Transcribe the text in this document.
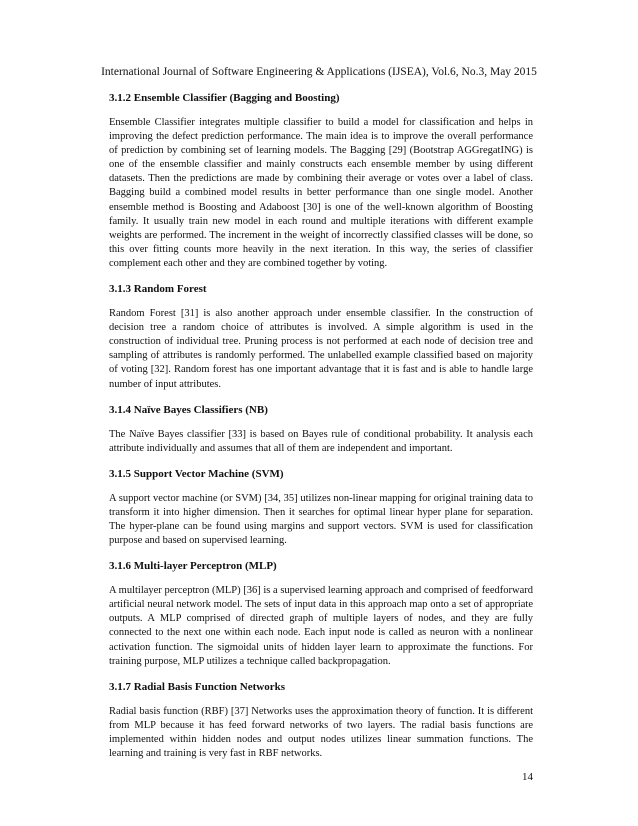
International Journal of Software Engineering & Applications (IJSEA), Vol.6, No.3, May 2015
3.1.2 Ensemble Classifier (Bagging and Boosting)

Ensemble Classifier integrates multiple classifier to build a model for classification and helps in improving the defect prediction performance. The main idea is to improve the overall performance of prediction by combining set of learning models. The Bagging [29] (Bootstrap AGGregatING) is one of the ensemble classifier and mainly constructs each ensemble member by using different datasets. Then the predictions are made by combining their average or votes over a label of class. Bagging build a combined model results in better performance than one single model. Another ensemble method is Boosting and Adaboost [30] is one of the well-known algorithm of Boosting family. It usually train new model in each round and multiple iterations with different example weights are performed. The increment in the weight of incorrectly classified classes will be done, so this over fitting counts more heavily in the next iteration. In this way, the series of classifier complement each other and they are combined together by voting.

3.1.3 Random Forest

Random Forest [31] is also another approach under ensemble classifier. In the construction of decision tree a random choice of attributes is involved. A simple algorithm is used in the construction of individual tree. Pruning process is not performed at each node of decision tree and sampling of attributes is randomly performed. The unlabelled example classified based on majority of voting [32]. Random forest has one important advantage that it is fast and is able to handle large number of input attributes.

3.1.4 Naïve Bayes Classifiers (NB)

The Naïve Bayes classifier [33] is based on Bayes rule of conditional probability. It analysis each attribute individually and assumes that all of them are independent and important.

3.1.5 Support Vector Machine (SVM)

A support vector machine (or SVM) [34, 35] utilizes non-linear mapping for original training data to transform it into higher dimension. Then it searches for optimal linear hyper plane for separation. The hyper-plane can be found using margins and support vectors. SVM is used for classification purpose and based on supervised learning.

3.1.6 Multi-layer Perceptron (MLP)

A multilayer perceptron (MLP) [36] is a supervised learning approach and comprised of feedforward artificial neural network model. The sets of input data in this approach map onto a set of appropriate outputs. A MLP comprised of directed graph of multiple layers of nodes, and they are fully connected to the next one within each node. Each input node is called as neuron with a nonlinear activation function. The sigmoidal units of hidden layer learn to approximate the functions. For training purpose, MLP utilizes a technique called backpropagation.

3.1.7 Radial Basis Function Networks

Radial basis function (RBF) [37] Networks uses the approximation theory of function. It is different from MLP because it has feed forward networks of two layers. The radial basis functions are implemented within hidden nodes and output nodes utilizes linear summation functions. The learning and training is very fast in RBF networks.

14
